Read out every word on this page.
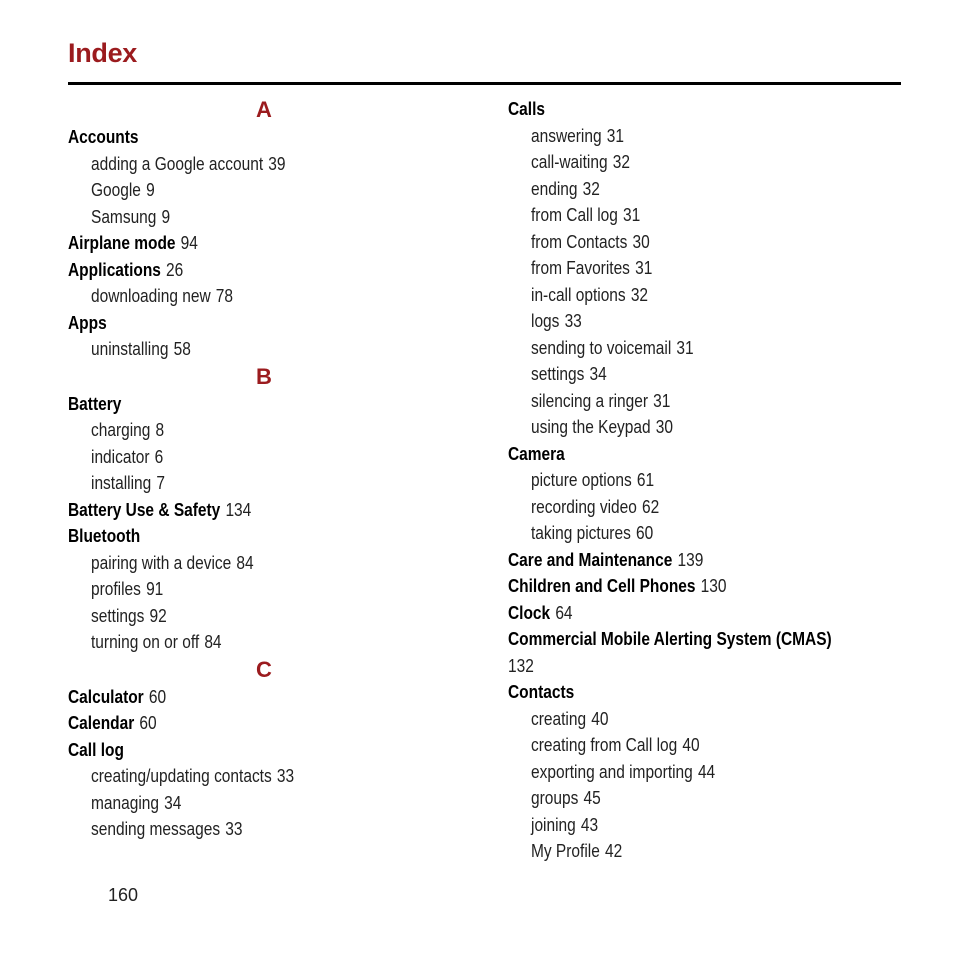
Index
A
Accounts
adding a Google account 39
Google 9
Samsung 9
Airplane mode 94
Applications 26
downloading new 78
Apps
uninstalling 58
B
Battery
charging 8
indicator 6
installing 7
Battery Use & Safety 134
Bluetooth
pairing with a device 84
profiles 91
settings 92
turning on or off 84
C
Calculator 60
Calendar 60
Call log
creating/updating contacts 33
managing 34
sending messages 33
Calls
answering 31
call-waiting 32
ending 32
from Call log 31
from Contacts 30
from Favorites 31
in-call options 32
logs 33
sending to voicemail 31
settings 34
silencing a ringer 31
using the Keypad 30
Camera
picture options 61
recording video 62
taking pictures 60
Care and Maintenance 139
Children and Cell Phones 130
Clock 64
Commercial Mobile Alerting System (CMAS)
132
Contacts
creating 40
creating from Call log 40
exporting and importing 44
groups 45
joining 43
My Profile 42
160
